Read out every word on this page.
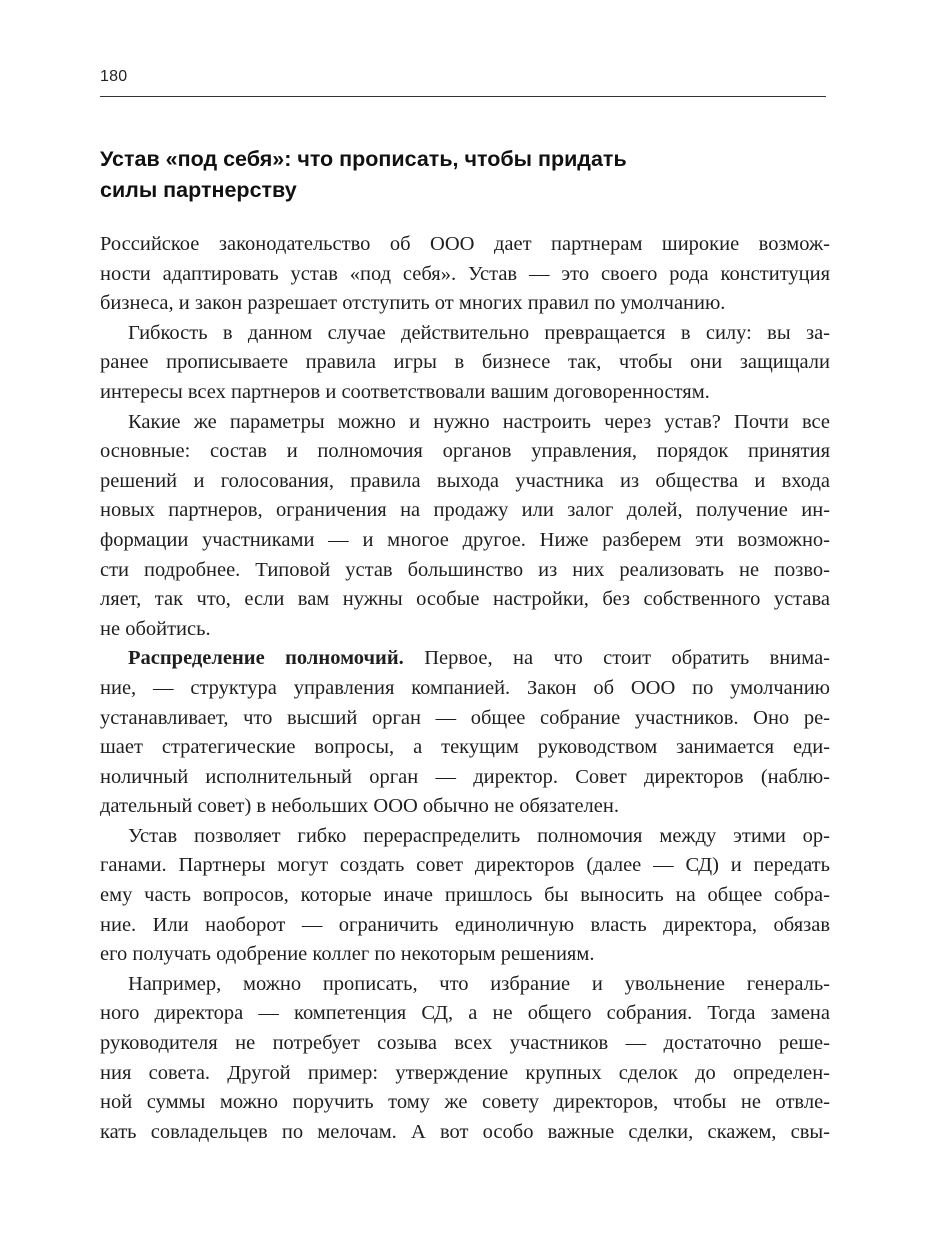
180
Устав «под себя»: что прописать, чтобы придать
силы партнерству
Российское законодательство об ООО дает партнерам широкие возмож-
ности адаптировать устав «под себя». Устав — это своего рода конституция
бизнеса, и закон разрешает отступить от многих правил по умолчанию.
Гибкость в данном случае действительно превращается в силу: вы за-
ранее прописываете правила игры в бизнесе так, чтобы они защищали
интересы всех партнеров и соответствовали вашим договоренностям.
Какие же параметры можно и нужно настроить через устав? Почти все
основные: состав и полномочия органов управления, порядок принятия
решений и голосования, правила выхода участника из общества и входа
новых партнеров, ограничения на продажу или залог долей, получение ин-
формации участниками — и многое другое. Ниже разберем эти возможно-
сти подробнее. Типовой устав большинство из них реализовать не позво-
ляет, так что, если вам нужны особые настройки, без собственного устава
не обойтись.
Распределение полномочий. Первое, на что стоит обратить внима-
ние, — структура управления компанией. Закон об ООО по умолчанию
устанавливает, что высший орган — общее собрание участников. Оно ре-
шает стратегические вопросы, а текущим руководством занимается еди-
ноличный исполнительный орган — директор. Совет директоров (наблю-
дательный совет) в небольших ООО обычно не обязателен.
Устав позволяет гибко перераспределить полномочия между этими ор-
ганами. Партнеры могут создать совет директоров (далее — СД) и передать
ему часть вопросов, которые иначе пришлось бы выносить на общее собра-
ние. Или наоборот — ограничить единоличную власть директора, обязав
его получать одобрение коллег по некоторым решениям.
Например, можно прописать, что избрание и увольнение генераль-
ного директора — компетенция СД, а не общего собрания. Тогда замена
руководителя не потребует созыва всех участников — достаточно реше-
ния совета. Другой пример: утверждение крупных сделок до определен-
ной суммы можно поручить тому же совету директоров, чтобы не отвле-
кать совладельцев по мелочам. А вот особо важные сделки, скажем, свы-
